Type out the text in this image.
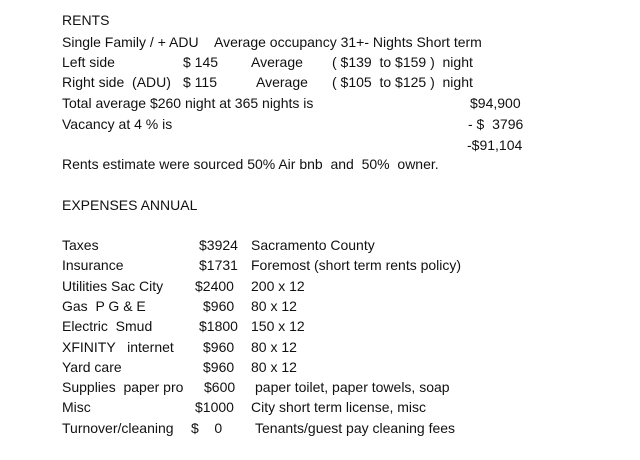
RENTS
Single Family / + ADU Average occupancy 31+- Nights Short term
Left side	$ 145 Average ( $139  to $159 )  night
Right side  (ADU) $ 115	Average ( $105  to $125 )  night
Total average $260 night at 365 nights is	$94,900
Vacancy at 4 % is	- $  3796
-$91,104
Rents estimate were sourced 50% Air bnb  and  50%  owner.
EXPENSES ANNUAL
Taxes	$3924 Sacramento County
Insurance	$1731 Foremost (short term rents policy)
Utilities Sac City $2400 200 x 12
Gas  P G & E	$960 80 x 12
Electric  Smud	$1800 150 x 12
XFINITY   internet $960 80 x 12
Yard care	$960 80 x 12
Supplies  paper pro $600 paper toilet, paper towels, soap
Misc	$1000 City short term license, misc
Turnover/cleaning $    0 Tenants/guest pay cleaning fees
